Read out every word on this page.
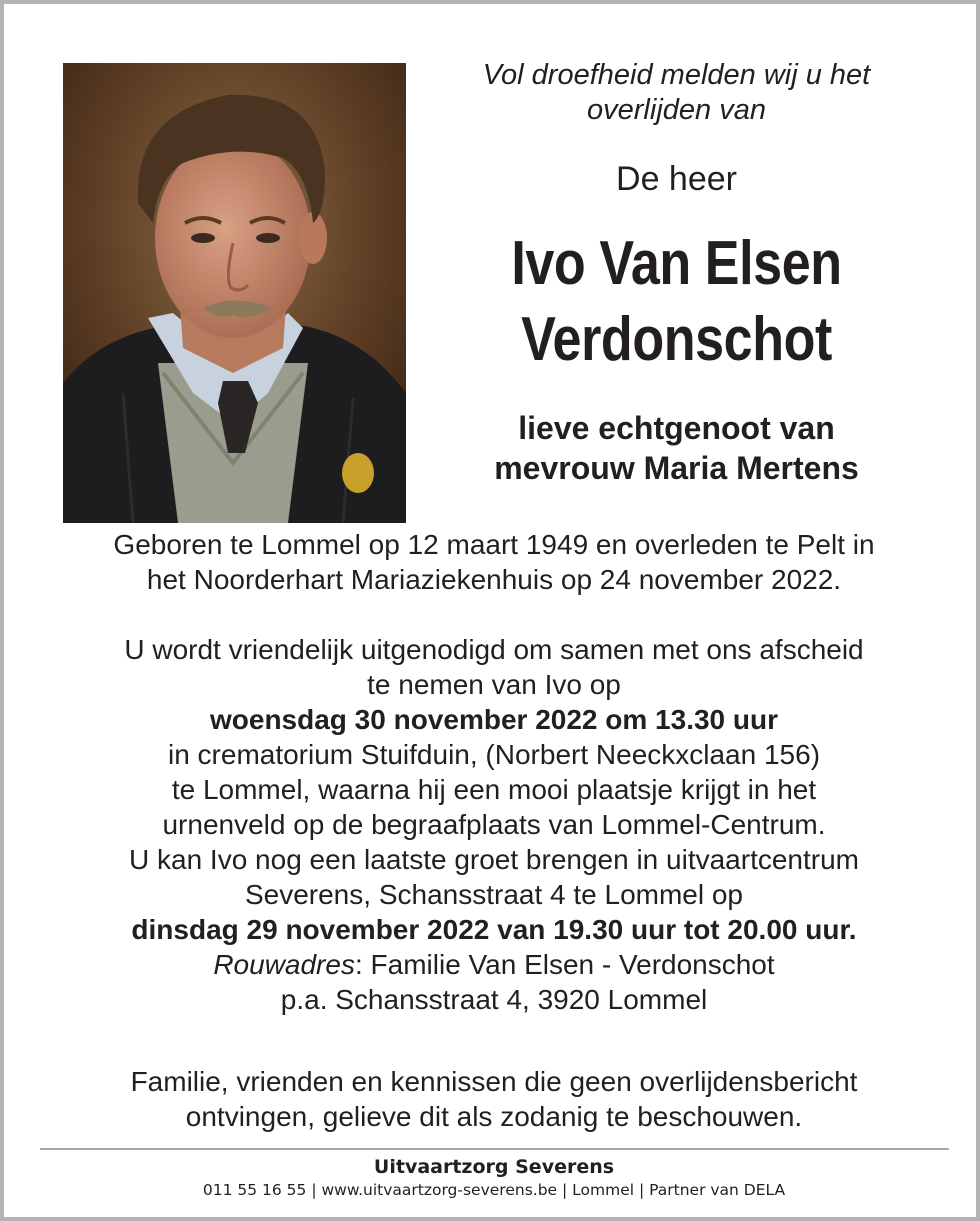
Vol droefheid melden wij u het
overlijden van
De heer
Ivo Van Elsen
Verdonschot
lieve echtgenoot van
mevrouw Maria Mertens

Geboren te Lommel op 12 maart 1949 en overleden te Pelt in

het Noorderhart Mariaziekenhuis op 24 november 2022.

U wordt vriendelijk uitgenodigd om samen met ons afscheid

te nemen van Ivo op

woensdag 30 november 2022 om 13.30 uur

in crematorium Stuifduin, (Norbert Neeckxclaan 156)

te Lommel, waarna hij een mooi plaatsje krijgt in het

urnenveld op de begraafplaats van Lommel-Centrum.

U kan Ivo nog een laatste groet brengen in uitvaartcentrum

Severens, Schansstraat 4 te Lommel op

dinsdag 29 november 2022 van 19.30 uur tot 20.00 uur.

Rouwadres: Familie Van Elsen - Verdonschot

p.a. Schansstraat 4, 3920 Lommel

Familie, vrienden en kennissen die geen overlijdensbericht

ontvingen, gelieve dit als zodanig te beschouwen.

Uitvaartzorg Severens
011 55 16 55 | www.uitvaartzorg-severens.be | Lommel | Partner van DELA
